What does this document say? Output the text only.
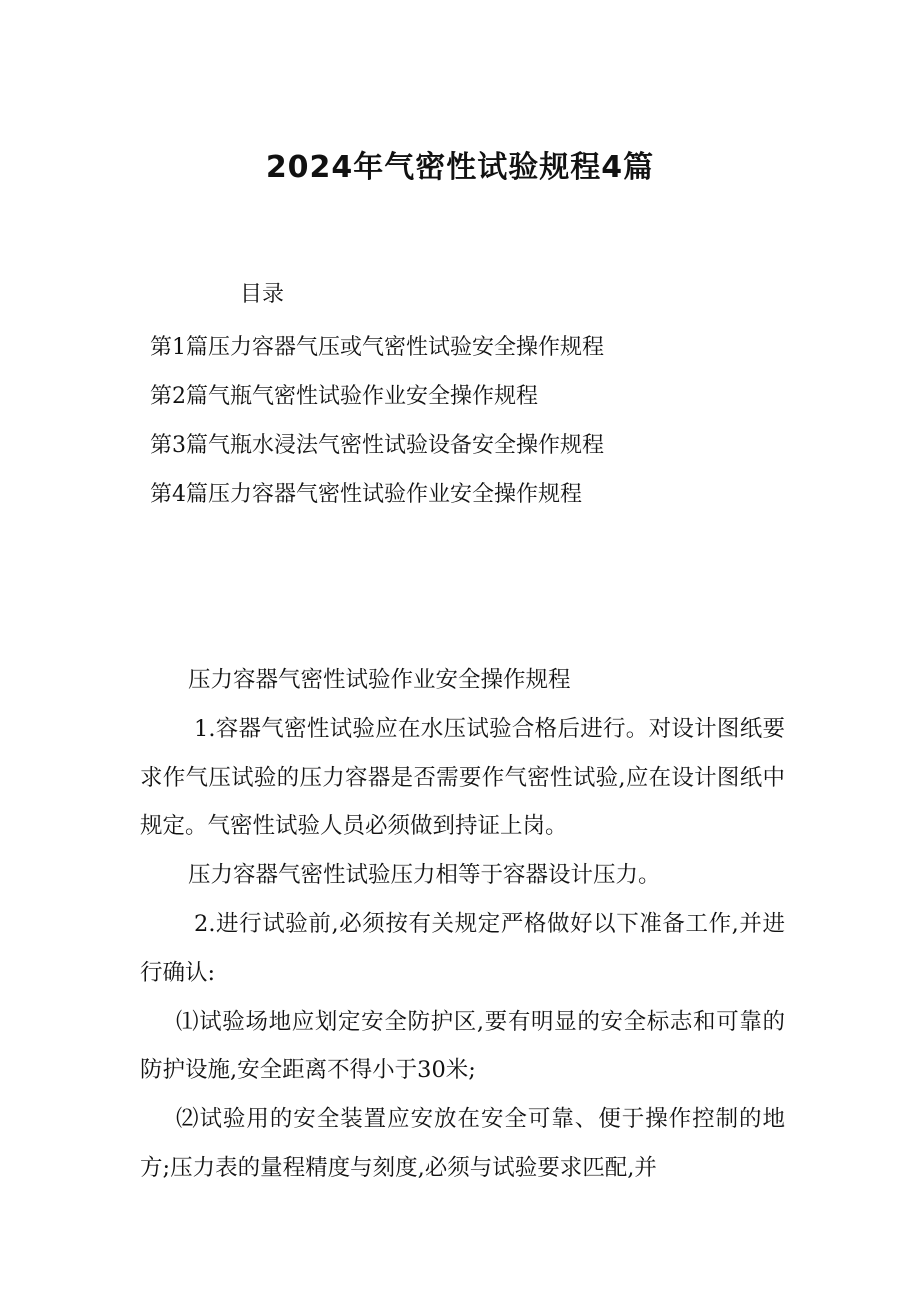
2024年气密性试验规程4篇
目录
第1篇压力容器气压或气密性试验安全操作规程
第2篇气瓶气密性试验作业安全操作规程
第3篇气瓶水浸法气密性试验设备安全操作规程
第4篇压力容器气密性试验作业安全操作规程

压力容器气密性试验作业安全操作规程

1.容器气密性试验应在水压试验合格后进行。对设计图纸要求作气压试验的压力容器是否需要作气密性试验,应在设计图纸中规定。气密性试验人员必须做到持证上岗。

压力容器气密性试验压力相等于容器设计压力。

2.进行试验前,必须按有关规定严格做好以下准备工作,并进行确认:

⑴试验场地应划定安全防护区,要有明显的安全标志和可靠的防护设施,安全距离不得小于30米;

⑵试验用的安全装置应安放在安全可靠、便于操作控制的地方;压力表的量程精度与刻度,必须与试验要求匹配,并
